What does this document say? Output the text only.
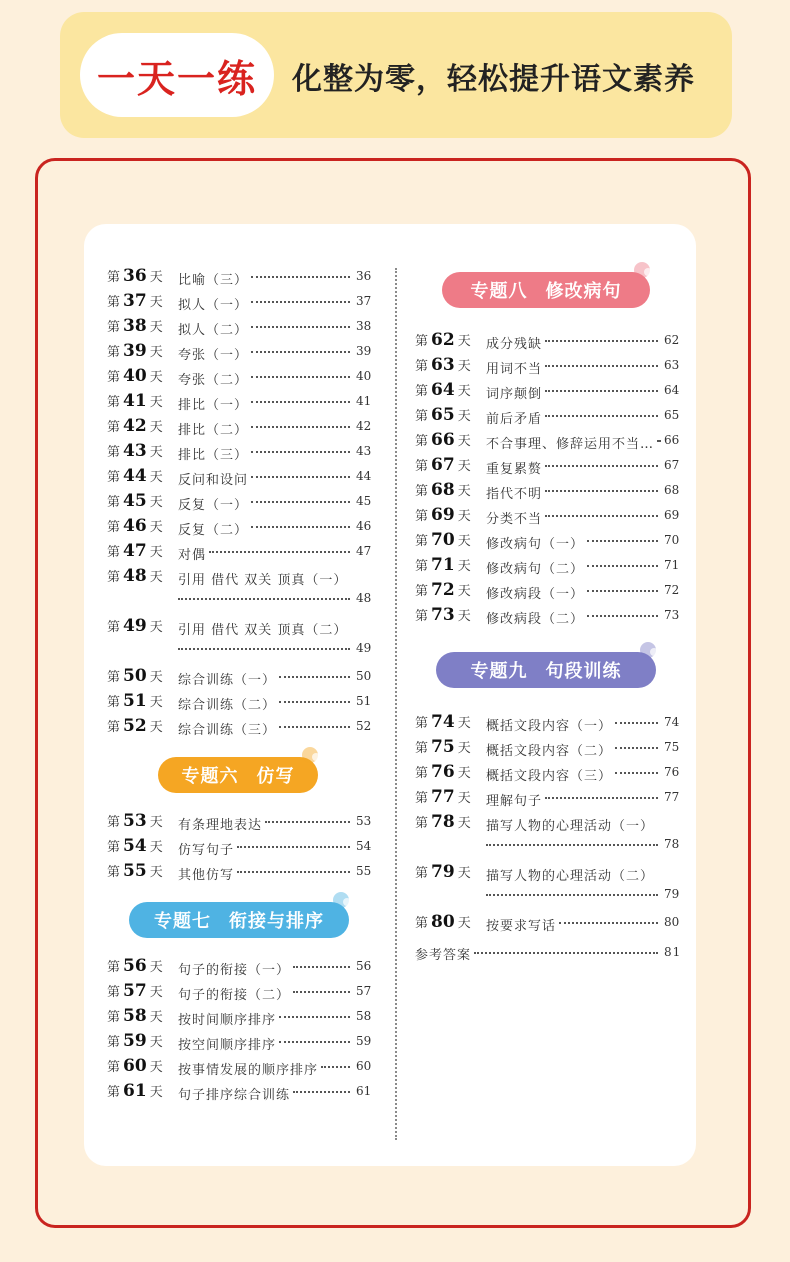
一天一练	化整为零，轻松提升语文素养
第 36 天 比喻（三）	36
第 37 天 拟人（一）	37
第 38 天 拟人（二）	38
第 39 天 夸张（一）	39
第 40 天 夸张（二）	40
第 41 天 排比（一）	41
第 42 天 排比（二）	42
第 43 天 排比（三）	43
第 44 天 反问和设问	44
第 45 天 反复（一）	45
第 46 天 反复（二）	46
第 47 天 对偶	47
第 48 天 引用 借代 双关 顶真（一）
48
第 49 天 引用 借代 双关 顶真（二）
49
第 50 天 综合训练（一）	50
第 51 天 综合训练（二）	51
第 52 天 综合训练（三）	52
第 53 天 有条理地表达	53
第 54 天 仿写句子	54
第 55 天 其他仿写	55
第 56 天 句子的衔接（一）	56
第 57 天 句子的衔接（二）	57
第 58 天 按时间顺序排序	58
第 59 天 按空间顺序排序	59
第 60 天 按事情发展的顺序排序	60
第 61 天 句子排序综合训练	61
第 62 天 成分残缺	62
第 63 天 用词不当	63
第 64 天 词序颠倒	64
第 65 天 前后矛盾	65
第 66 天 不合事理、修辞运用不当… 66
第 67 天 重复累赘	67
第 68 天 指代不明	68
第 69 天 分类不当	69
第 70 天 修改病句（一）	70
第 71 天 修改病句（二）	71
第 72 天 修改病段（一）	72
第 73 天 修改病段（二）	73
第 74 天 概括文段内容（一）	74
第 75 天 概括文段内容（二）	75
第 76 天 概括文段内容（三）	76
第 77 天 理解句子	77
第 78 天 描写人物的心理活动（一）
78
第 79 天 描写人物的心理活动（二）
79
第 80 天 按要求写话	80
专题六 仿写
专题七 衔接与排序
专题八 修改病句
专题九 句段训练
参考答案	81
